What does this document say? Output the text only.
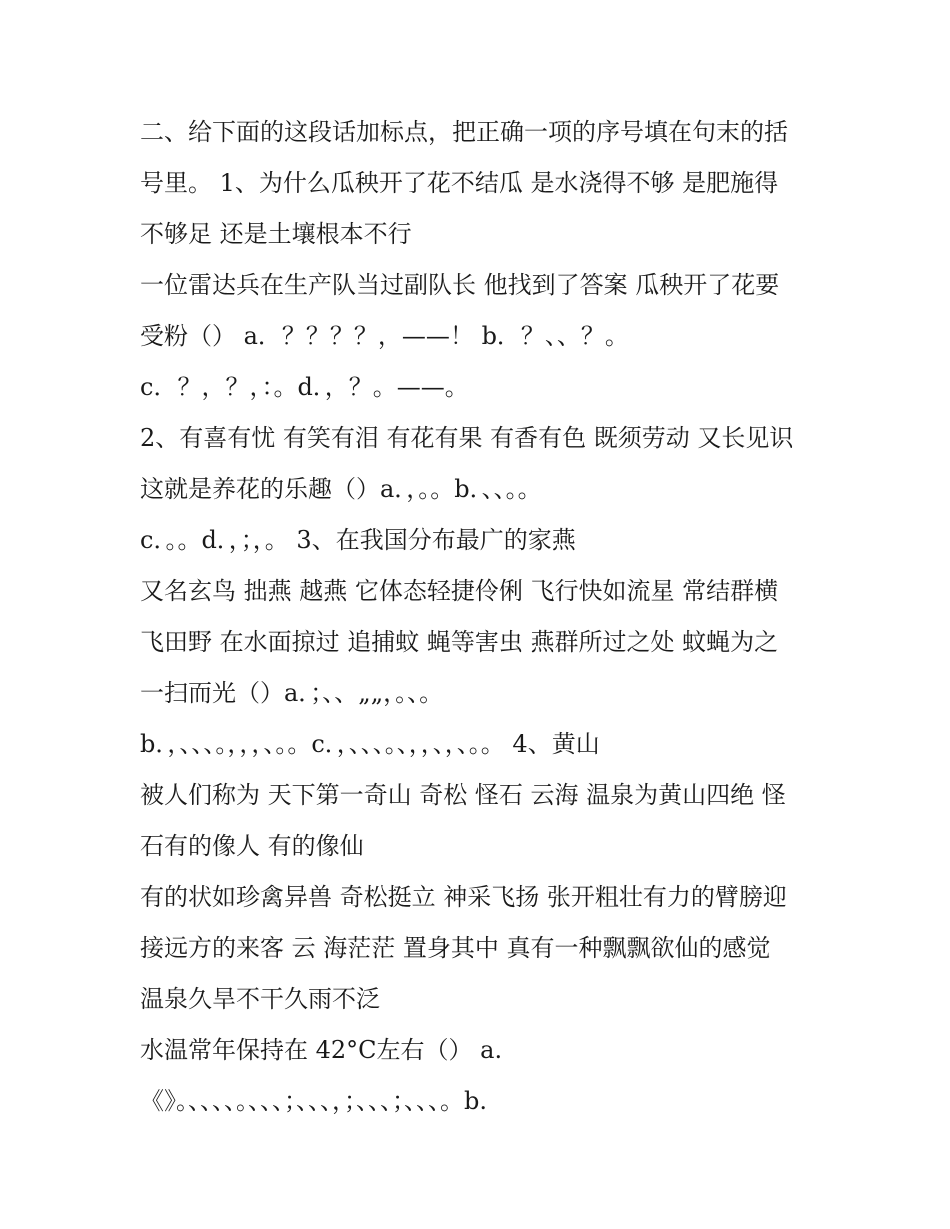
二、给下面的这段话加标点，把正确一项的序号填在句末的括
号里。 1、为什么瓜秧开了花不结瓜 是水浇得不够 是肥施得
不够足 还是土壤根本不行
一位雷达兵在生产队当过副队长 他找到了答案 瓜秧开了花要
受粉（） a．？？？？，——！ b．？、、？。
c．？，？，：。d．，？。——。
2、有喜有忧 有笑有泪 有花有果 有香有色 既须劳动 又长见识
这就是养花的乐趣（）a．，。。b．、、。。
c．。。d．，；，。 3、在我国分布最广的家燕
又名玄鸟 拙燕 越燕 它体态轻捷伶俐 飞行快如流星 常结群横
飞田野 在水面掠过 追捕蚊 蝇等害虫 燕群所过之处 蚊蝇为之
一扫而光（）a．；、、„„，。、。
b．，、、、。，，，、。。c．，、、、。、，，、，、。。 4、黄山
被人们称为 天下第一奇山 奇松 怪石 云海 温泉为黄山四绝 怪
石有的像人 有的像仙
有的状如珍禽异兽 奇松挺立 神采飞扬 张开粗壮有力的臂膀迎
接远方的来客 云 海茫茫 置身其中 真有一种飘飘欲仙的感觉
温泉久旱不干久雨不泛
水温常年保持在 42°C左右（） a.
《》。、、、、。、、、；、、、，；、、、；、、、。b.
